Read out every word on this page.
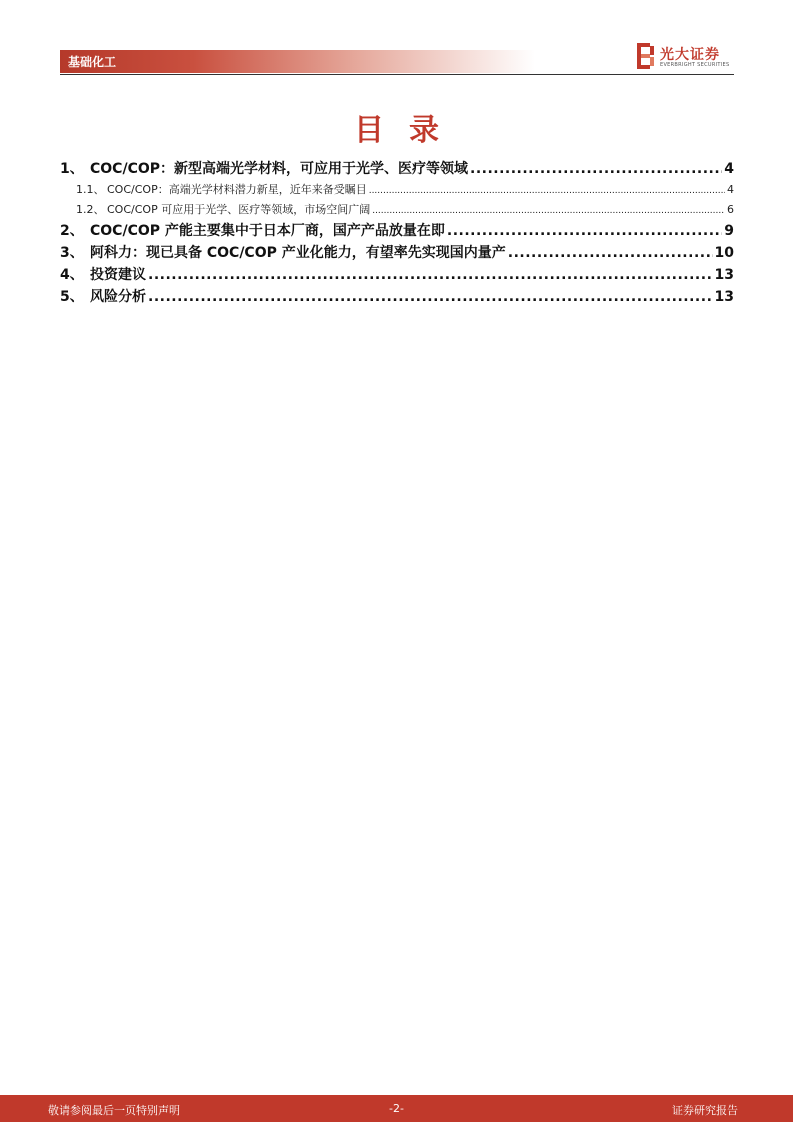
基础化工	光大证券
EVERBRIGHT SECURITIES
目录
1、 COC/COP：新型高端光学材料，可应用于光学、医疗等领域 .....	4
1.1、 COC/COP：高端光学材料潜力新星，近年来备受瞩目 .....	4
1.2、 COC/COP 可应用于光学、医疗等领域，市场空间广阔 .....	6
2、 COC/COP 产能主要集中于日本厂商，国产产品放量在即 .....	9
3、 阿科力：现已具备 COC/COP 产业化能力，有望率先实现国内量产 .....	10
4、 投资建议 .....	13
5、 风险分析 .....	13
敬请参阅最后一页特别声明	-2-	证券研究报告
